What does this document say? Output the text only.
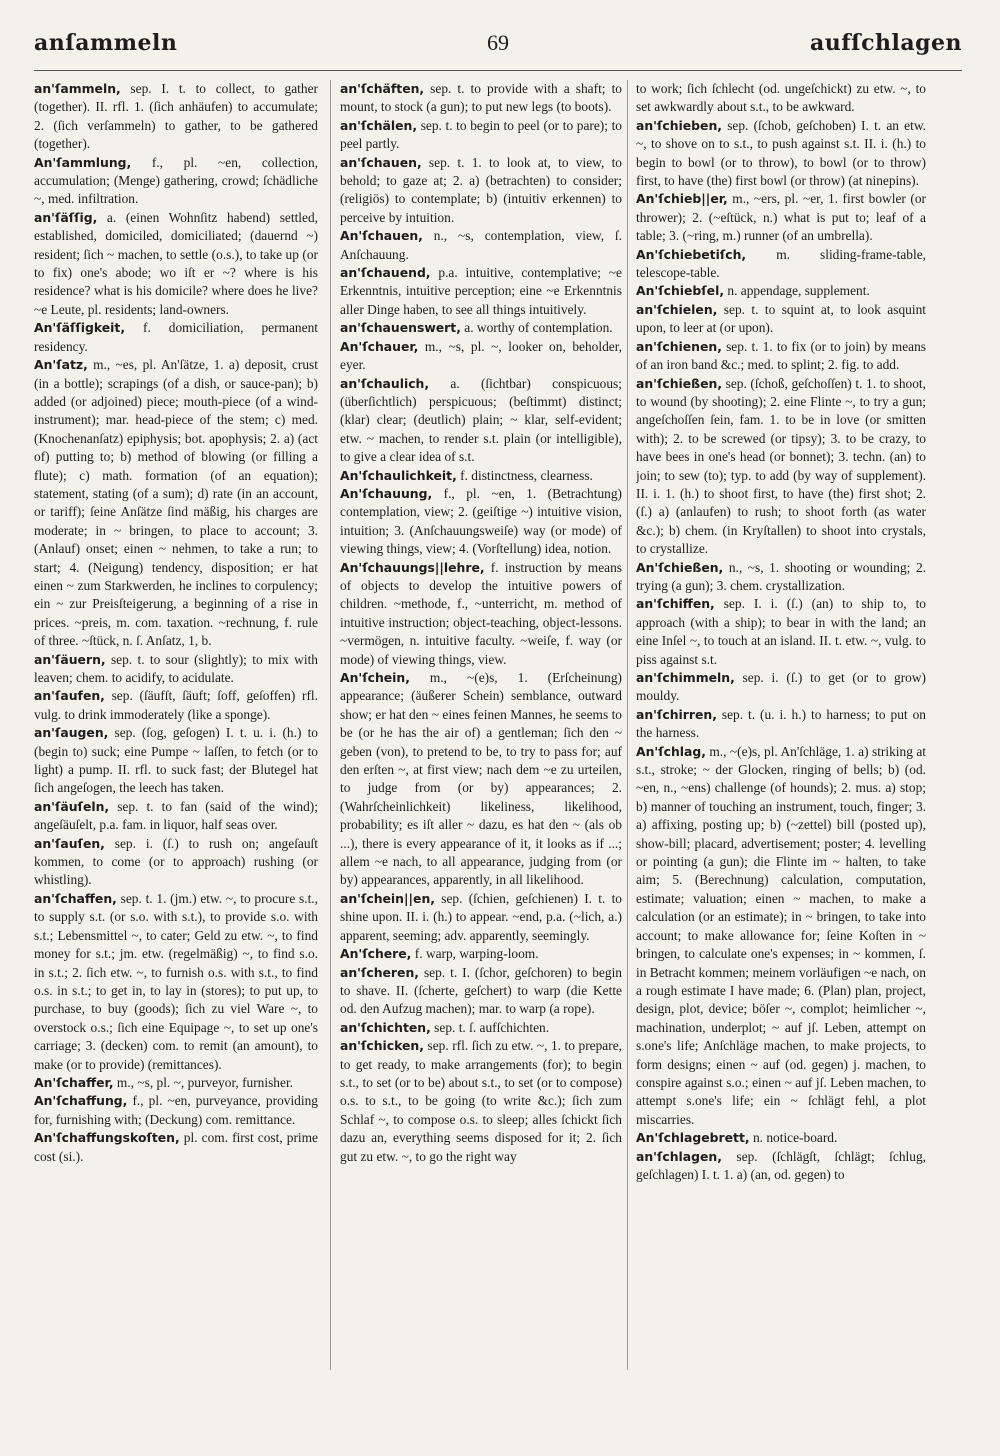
anſammeln	69	aufſchlagen
an'ſammeln, sep. I. t. to collect, to gather (together). II. rfl. 1. (ſich anhäufen) to accumulate; 2. (ſich verſammeln) to gather, to be gathered (together).
An'ſammlung, f., pl. ~en, collection, accumulation; (Menge) gathering, crowd; ſchädliche ~, med. infiltration.
an'ſäſſig, a. (einen Wohnſitz habend) settled, established, domiciled, domiciliated; (dauernd ~) resident; ſich ~ machen, to settle (o.s.), to take up (or to fix) one's abode; wo iſt er ~? where is his residence? what is his domicile? where does he live? ~e Leute, pl. residents; land-owners.
An'ſäſſigkeit, f. domiciliation, permanent residency.
An'ſatz, m., ~es, pl. An'ſätze, 1. a) deposit, crust (in a bottle); scrapings (of a dish, or sauce-pan); b) added (or adjoined) piece; mouth-piece (of a wind-instrument); mar. head-piece of the stem; c) med. (Knochenanſatz) epiphysis; bot. apophysis; 2. a) (act of) putting to; b) method of blowing (or filling a flute); c) math. formation (of an equation); statement, stating (of a sum); d) rate (in an account, or tariff); ſeine Anſätze ſind mäßig, his charges are moderate; in ~ bringen, to place to account; 3. (Anlauf) onset; einen ~ nehmen, to take a run; to start; 4. (Neigung) tendency, disposition; er hat einen ~ zum Starkwerden, he inclines to corpulency; ein ~ zur Preisſteigerung, a beginning of a rise in prices. ~preis, m. com. taxation. ~rechnung, f. rule of three. ~ſtück, n. ſ. Anſatz, 1, b.
an'ſäuern, sep. t. to sour (slightly); to mix with leaven; chem. to acidify, to acidulate.
an'ſaufen, sep. (ſäufſt, ſäuft; ſoff, geſoffen) rfl. vulg. to drink immoderately (like a sponge).
an'ſaugen, sep. (ſog, geſogen) I. t. u. i. (h.) to (begin to) suck; eine Pumpe ~ laſſen, to fetch (or to light) a pump. II. rfl. to suck fast; der Blutegel hat ſich angeſogen, the leech has taken.
an'ſäuſeln, sep. t. to fan (said of the wind); angeſäuſelt, p.a. fam. in liquor, half seas over.
an'ſauſen, sep. i. (ſ.) to rush on; angeſauſt kommen, to come (or to approach) rushing (or whistling).
an'ſchaffen, sep. t. 1. (jm.) etw. ~, to procure s.t., to supply s.t. (or s.o. with s.t.), to provide s.o. with s.t.; Lebensmittel ~, to cater; Geld zu etw. ~, to find money for s.t.; jm. etw. (regelmäßig) ~, to find s.o. in s.t.; 2. ſich etw. ~, to furnish o.s. with s.t., to find o.s. in s.t.; to get in, to lay in (stores); to put up, to purchase, to buy (goods); ſich zu viel Ware ~, to overstock o.s.; ſich eine Equipage ~, to set up one's carriage; 3. (decken) com. to remit (an amount), to make (or to provide) (remittances).
An'ſchaffer, m., ~s, pl. ~, purveyor, furnisher.
An'ſchaffung, f., pl. ~en, purveyance, providing for, furnishing with; (Deckung) com. remittance.
An'ſchaffungskoſten, pl. com. first cost, prime cost (si.).
an'ſchäften, sep. t. to provide with a shaft; to mount, to stock (a gun); to put new legs (to boots).
an'ſchälen, sep. t. to begin to peel (or to pare); to peel partly.
an'ſchauen, sep. t. 1. to look at, to view, to behold; to gaze at; 2. a) (betrachten) to consider; (religiös) to contemplate; b) (intuitiv erkennen) to perceive by intuition.
An'ſchauen, n., ~s, contemplation, view, ſ. Anſchauung.
an'ſchauend, p.a. intuitive, contemplative; ~e Erkenntnis, intuitive perception; eine ~e Erkenntnis aller Dinge haben, to see all things intuitively.
an'ſchauenswert, a. worthy of contemplation.
An'ſchauer, m., ~s, pl. ~, looker on, beholder, eyer.
an'ſchaulich, a. (ſichtbar) conspicuous; (überſichtlich) perspicuous; (beſtimmt) distinct; (klar) clear; (deutlich) plain; ~ klar, self-evident; etw. ~ machen, to render s.t. plain (or intelligible), to give a clear idea of s.t.
An'ſchaulichkeit, f. distinctness, clearness.
An'ſchauung, f., pl. ~en, 1. (Betrachtung) contemplation, view; 2. (geiſtige ~) intuitive vision, intuition; 3. (Anſchauungsweiſe) way (or mode) of viewing things, view; 4. (Vorſtellung) idea, notion.
An'ſchauungs||lehre, f. instruction by means of objects to develop the intuitive powers of children. ~methode, f., ~unterricht, m. method of intuitive instruction; object-teaching, object-lessons. ~vermögen, n. intuitive faculty. ~weiſe, f. way (or mode) of viewing things, view.
An'ſchein, m., ~(e)s, 1. (Erſcheinung) appearance; (äußerer Schein) semblance, outward show; er hat den ~ eines feinen Mannes, he seems to be (or he has the air of) a gentleman; ſich den ~ geben (von), to pretend to be, to try to pass for; auf den erſten ~, at first view; nach dem ~e zu urteilen, to judge from (or by) appearances; 2. (Wahrſcheinlichkeit) likeliness, likelihood, probability; es iſt aller ~ dazu, es hat den ~ (als ob ...), there is every appearance of it, it looks as if ...; allem ~e nach, to all appearance, judging from (or by) appearances, apparently, in all likelihood.
an'ſchein||en, sep. (ſchien, geſchienen) I. t. to shine upon. II. i. (h.) to appear. ~end, p.a. (~lich, a.) apparent, seeming; adv. apparently, seemingly.
An'ſchere, f. warp, warping-loom.
an'ſcheren, sep. t. I. (ſchor, geſchoren) to begin to shave. II. (ſcherte, geſchert) to warp (die Kette od. den Aufzug machen); mar. to warp (a rope).
an'ſchichten, sep. t. ſ. aufſchichten.
an'ſchicken, sep. rfl. ſich zu etw. ~, 1. to prepare, to get ready, to make arrangements (for); to begin s.t., to set (or to be) about s.t., to set (or to compose) o.s. to s.t., to be going (to write &c.); ſich zum Schlaf ~, to compose o.s. to sleep; alles ſchickt ſich dazu an, everything seems disposed for it; 2. ſich gut zu etw. ~, to go the right way
to work; ſich ſchlecht (od. ungeſchickt) zu etw. ~, to set awkwardly about s.t., to be awkward.
an'ſchieben, sep. (ſchob, geſchoben) I. t. an etw. ~, to shove on to s.t., to push against s.t. II. i. (h.) to begin to bowl (or to throw), to bowl (or to throw) first, to have (the) first bowl (or throw) (at ninepins).
An'ſchieb||er, m., ~ers, pl. ~er, 1. first bowler (or thrower); 2. (~eſtück, n.) what is put to; leaf of a table; 3. (~ring, m.) runner (of an umbrella).
An'ſchiebetiſch, m. sliding-frame-table, telescope-table.
An'ſchiebſel, n. appendage, supplement.
an'ſchielen, sep. t. to squint at, to look asquint upon, to leer at (or upon).
an'ſchienen, sep. t. 1. to fix (or to join) by means of an iron band &c.; med. to splint; 2. fig. to add.
an'ſchießen, sep. (ſchoß, geſchoſſen) t. 1. to shoot, to wound (by shooting); 2. eine Flinte ~, to try a gun; angeſchoſſen ſein, fam. 1. to be in love (or smitten with); 2. to be screwed (or tipsy); 3. to be crazy, to have bees in one's head (or bonnet); 3. techn. (an) to join; to sew (to); typ. to add (by way of supplement). II. i. 1. (h.) to shoot first, to have (the) first shot; 2. (ſ.) a) (anlaufen) to rush; to shoot forth (as water &c.); b) chem. (in Kryſtallen) to shoot into crystals, to crystallize.
An'ſchießen, n., ~s, 1. shooting or wounding; 2. trying (a gun); 3. chem. crystallization.
an'ſchiffen, sep. I. i. (ſ.) (an) to ship to, to approach (with a ship); to bear in with the land; an eine Inſel ~, to touch at an island. II. t. etw. ~, vulg. to piss against s.t.
an'ſchimmeln, sep. i. (ſ.) to get (or to grow) mouldy.
an'ſchirren, sep. t. (u. i. h.) to harness; to put on the harness.
An'ſchlag, m., ~(e)s, pl. An'ſchläge, 1. a) striking at s.t., stroke; ~ der Glocken, ringing of bells; b) (od. ~en, n., ~ens) challenge (of hounds); 2. mus. a) stop; b) manner of touching an instrument, touch, finger; 3. a) affixing, posting up; b) (~zettel) bill (posted up), show-bill; placard, advertisement; poster; 4. levelling or pointing (a gun); die Flinte im ~ halten, to take aim; 5. (Berechnung) calculation, computation, estimate; valuation; einen ~ machen, to make a calculation (or an estimate); in ~ bringen, to take into account; to make allowance for; ſeine Koſten in ~ bringen, to calculate one's expenses; in ~ kommen, ſ. in Betracht kommen; meinem vorläufigen ~e nach, on a rough estimate I have made; 6. (Plan) plan, project, design, plot, device; böſer ~, complot; heimlicher ~, machination, underplot; ~ auf jſ. Leben, attempt on s.one's life; Anſchläge machen, to make projects, to form designs; einen ~ auf (od. gegen) j. machen, to conspire against s.o.; einen ~ auf jſ. Leben machen, to attempt s.one's life; ein ~ ſchlägt fehl, a plot miscarries.
An'ſchlagebrett, n. notice-board.
an'ſchlagen, sep. (ſchlägſt, ſchlägt; ſchlug, geſchlagen) I. t. 1. a) (an, od. gegen) to
